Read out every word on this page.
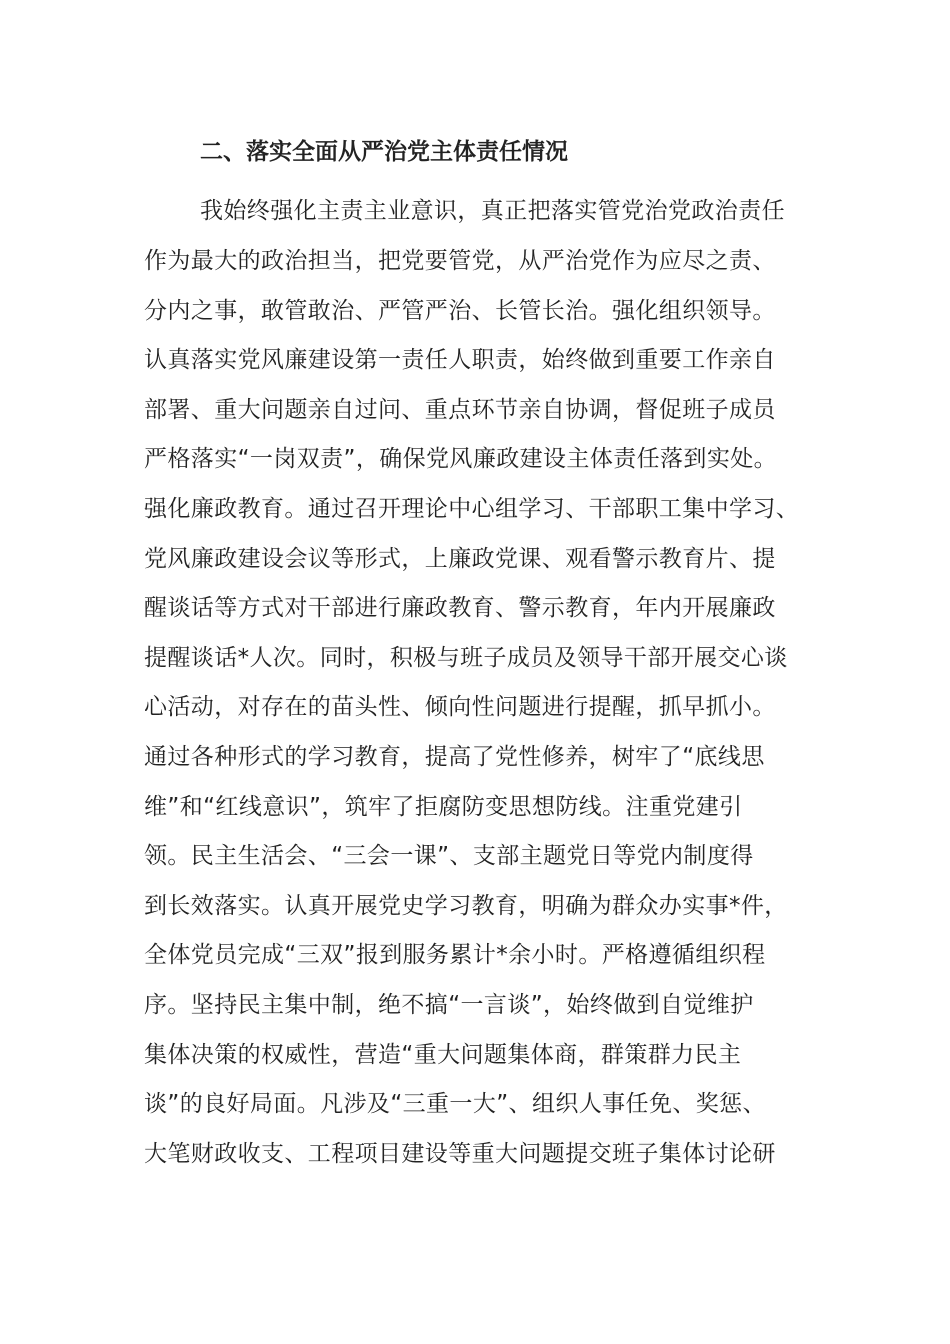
二、落实全面从严治党主体责任情况
我始终强化主责主业意识，真正把落实管党治党政治责任
作为最大的政治担当，把党要管党，从严治党作为应尽之责、
分内之事，敢管敢治、严管严治、长管长治。强化组织领导。
认真落实党风廉建设第一责任人职责，始终做到重要工作亲自
部署、重大问题亲自过问、重点环节亲自协调，督促班子成员
严格落实“一岗双责”，确保党风廉政建设主体责任落到实处。
强化廉政教育。通过召开理论中心组学习、干部职工集中学习、
党风廉政建设会议等形式，上廉政党课、观看警示教育片、提
醒谈话等方式对干部进行廉政教育、警示教育，年内开展廉政
提醒谈话*人次。同时，积极与班子成员及领导干部开展交心谈
心活动，对存在的苗头性、倾向性问题进行提醒，抓早抓小。
通过各种形式的学习教育，提高了党性修养，树牢了“底线思
维”和“红线意识”，筑牢了拒腐防变思想防线。注重党建引
领。民主生活会、“三会一课”、支部主题党日等党内制度得
到长效落实。认真开展党史学习教育，明确为群众办实事*件，
全体党员完成“三双”报到服务累计*余小时。严格遵循组织程
序。坚持民主集中制，绝不搞“一言谈”，始终做到自觉维护
集体决策的权威性，营造“重大问题集体商，群策群力民主
谈”的良好局面。凡涉及“三重一大”、组织人事任免、奖惩、
大笔财政收支、工程项目建设等重大问题提交班子集体讨论研
